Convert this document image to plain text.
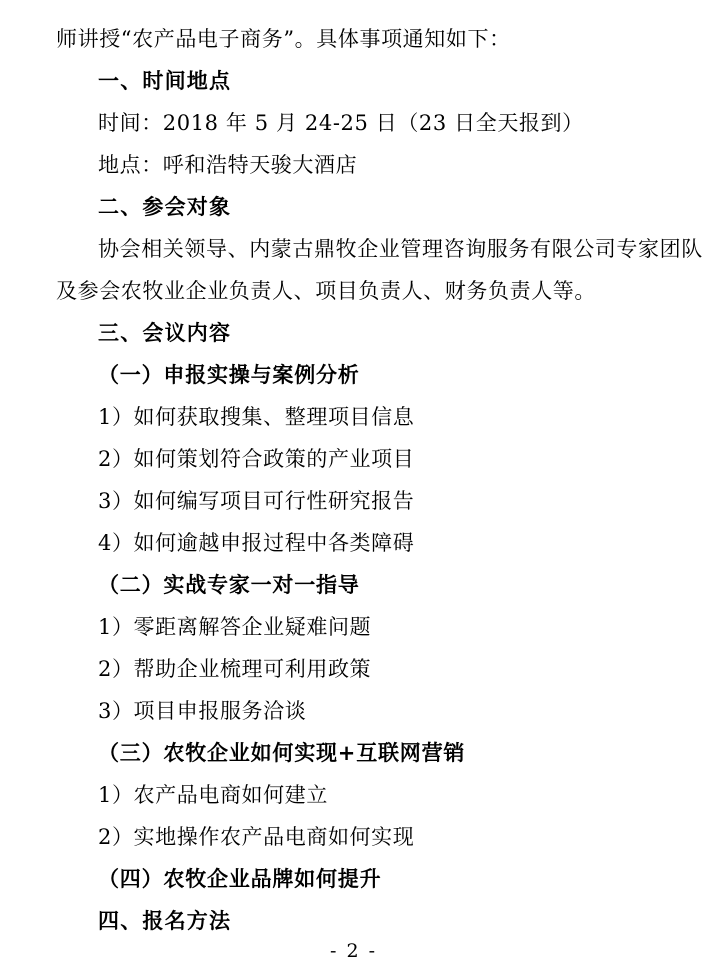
师讲授“农产品电子商务”。具体事项通知如下：
一、时间地点
时间：2018 年 5 月 24-25 日（23 日全天报到）
地点：呼和浩特天骏大酒店
二、参会对象
协会相关领导、内蒙古鼎牧企业管理咨询服务有限公司专家团队
及参会农牧业企业负责人、项目负责人、财务负责人等。
三、会议内容
（一）申报实操与案例分析
1）如何获取搜集、整理项目信息
2）如何策划符合政策的产业项目
3）如何编写项目可行性研究报告
4）如何逾越申报过程中各类障碍
（二）实战专家一对一指导
1）零距离解答企业疑难问题
2）帮助企业梳理可利用政策
3）项目申报服务洽谈
（三）农牧企业如何实现+互联网营销
1）农产品电商如何建立
2）实地操作农产品电商如何实现
（四）农牧企业品牌如何提升
四、报名方法
- 2 -
